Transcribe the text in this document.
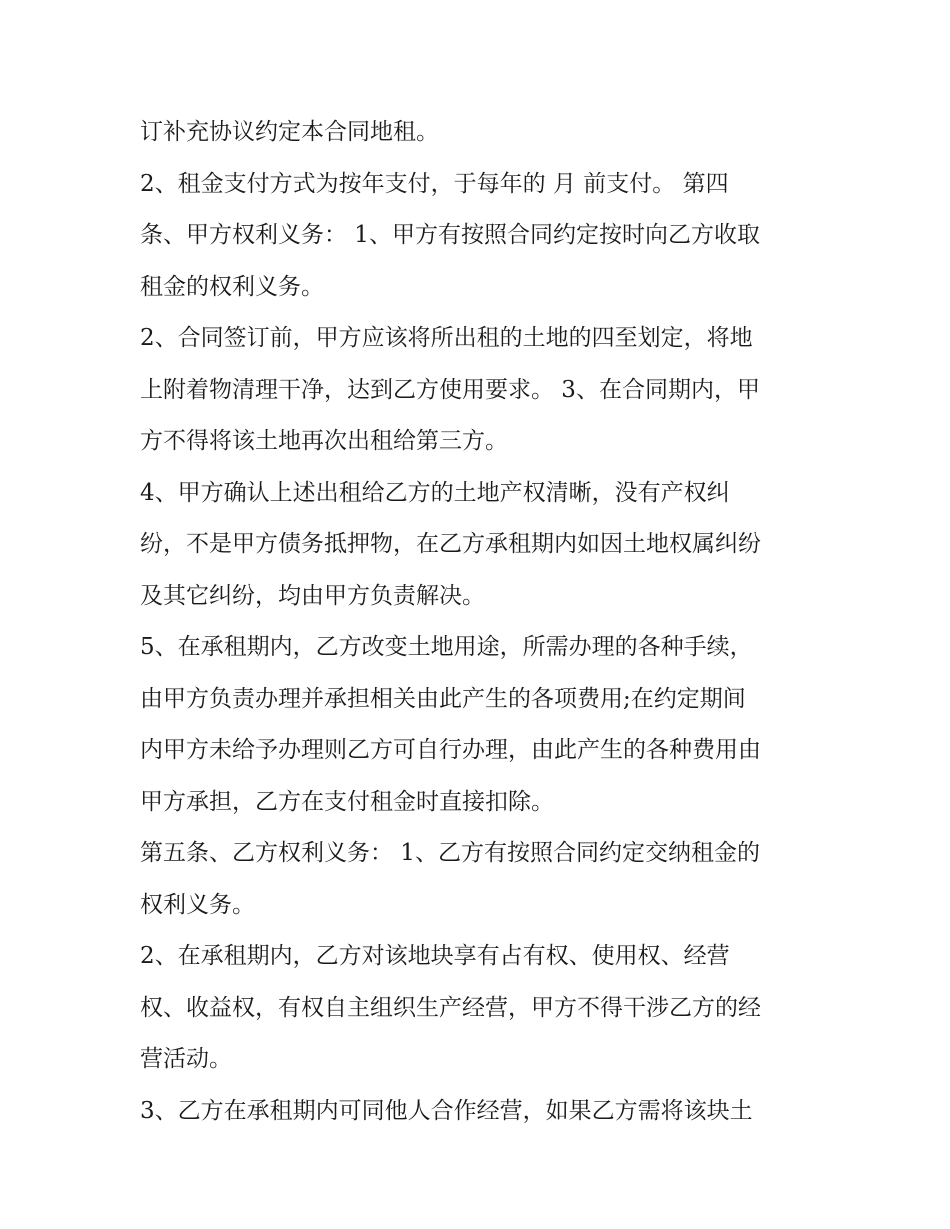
订补充协议约定本合同地租。
2、租金支付方式为按年支付，于每年的 月 前支付。 第四
条、甲方权利义务： 1、甲方有按照合同约定按时向乙方收取
租金的权利义务。
2、合同签订前，甲方应该将所出租的土地的四至划定，将地
上附着物清理干净，达到乙方使用要求。 3、在合同期内，甲
方不得将该土地再次出租给第三方。
4、甲方确认上述出租给乙方的土地产权清晰，没有产权纠
纷，不是甲方债务抵押物，在乙方承租期内如因土地权属纠纷
及其它纠纷，均由甲方负责解决。
5、在承租期内，乙方改变土地用途，所需办理的各种手续，
由甲方负责办理并承担相关由此产生的各项费用;在约定期间
内甲方未给予办理则乙方可自行办理，由此产生的各种费用由
甲方承担，乙方在支付租金时直接扣除。
第五条、乙方权利义务： 1、乙方有按照合同约定交纳租金的
权利义务。
2、在承租期内，乙方对该地块享有占有权、使用权、经营
权、收益权，有权自主组织生产经营，甲方不得干涉乙方的经
营活动。
3、乙方在承租期内可同他人合作经营，如果乙方需将该块土
